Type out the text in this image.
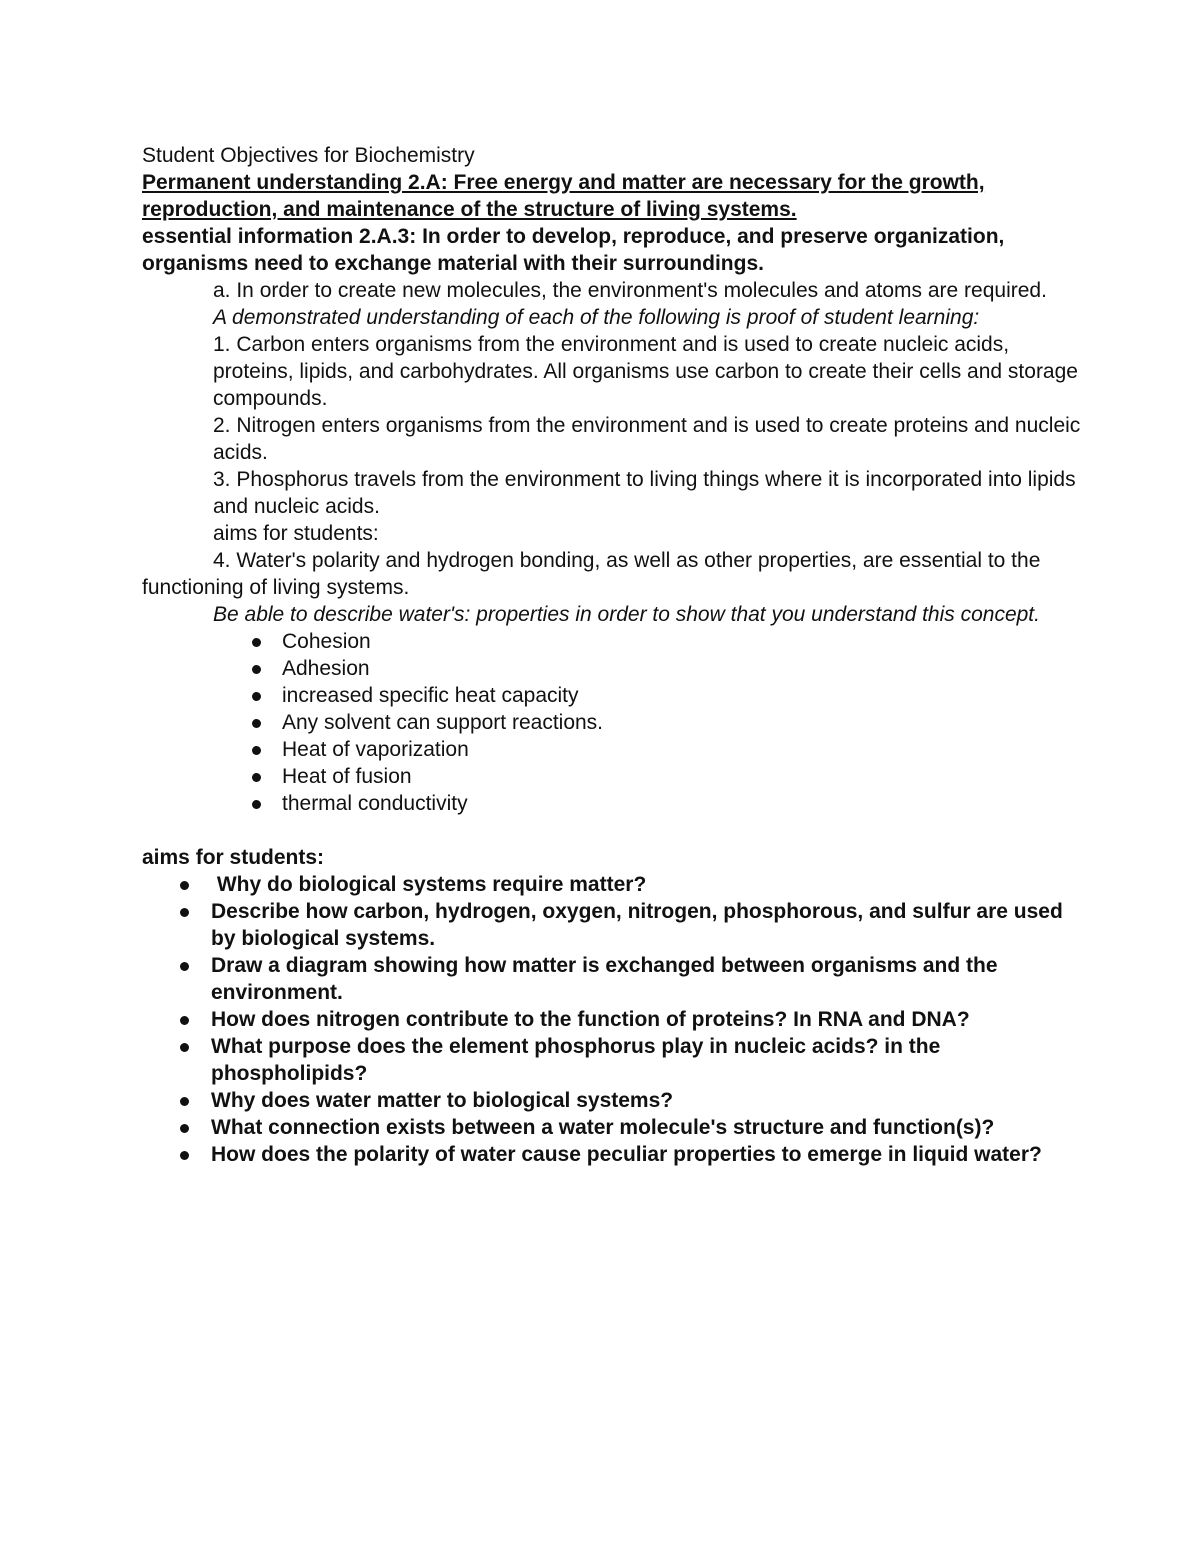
Student Objectives for Biochemistry

Permanent understanding 2.A: Free energy and matter are necessary for the growth, reproduction, and maintenance of the structure of living systems.

essential information 2.A.3: In order to develop, reproduce, and preserve organization, organisms need to exchange material with their surroundings.

a. In order to create new molecules, the environment's molecules and atoms are required.

A demonstrated understanding of each of the following is proof of student learning:

1. Carbon enters organisms from the environment and is used to create nucleic acids, proteins, lipids, and carbohydrates. All organisms use carbon to create their cells and storage compounds.

2. Nitrogen enters organisms from the environment and is used to create proteins and nucleic acids.

3. Phosphorus travels from the environment to living things where it is incorporated into lipids and nucleic acids.

aims for students:

4. Water's polarity and hydrogen bonding, as well as other properties, are essential to the functioning of living systems.

Be able to describe water's: properties in order to show that you understand this concept.

Cohesion
Adhesion
increased specific heat capacity
Any solvent can support reactions.
Heat of vaporization
Heat of fusion
thermal conductivity

aims for students:

Why do biological systems require matter?
Describe how carbon, hydrogen, oxygen, nitrogen, phosphorous, and sulfur are used by biological systems.
Draw a diagram showing how matter is exchanged between organisms and the environment.
How does nitrogen contribute to the function of proteins? In RNA and DNA?
What purpose does the element phosphorus play in nucleic acids? in the phospholipids?
Why does water matter to biological systems?
What connection exists between a water molecule's structure and function(s)?
How does the polarity of water cause peculiar properties to emerge in liquid water?
